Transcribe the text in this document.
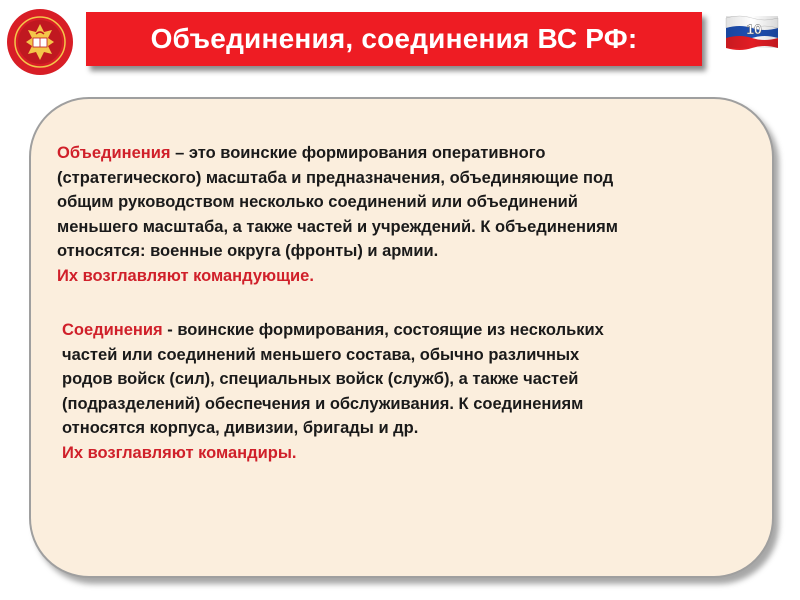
Объединения, соединения ВС РФ:	10
Объединения – это воинские формирования оперативного
(стратегического) масштаба и предназначения, объединяющие под
общим руководством несколько соединений или объединений
меньшего масштаба, а также частей и учреждений. К объединениям
относятся: военные округа (фронты) и армии.
Их возглавляют командующие.
Соединения - воинские формирования, состоящие из нескольких
частей или соединений меньшего состава, обычно различных
родов войск (сил), специальных войск (служб), а также частей
(подразделений) обеспечения и обслуживания. К соединениям
относятся корпуса, дивизии, бригады и др.
Их возглавляют командиры.
